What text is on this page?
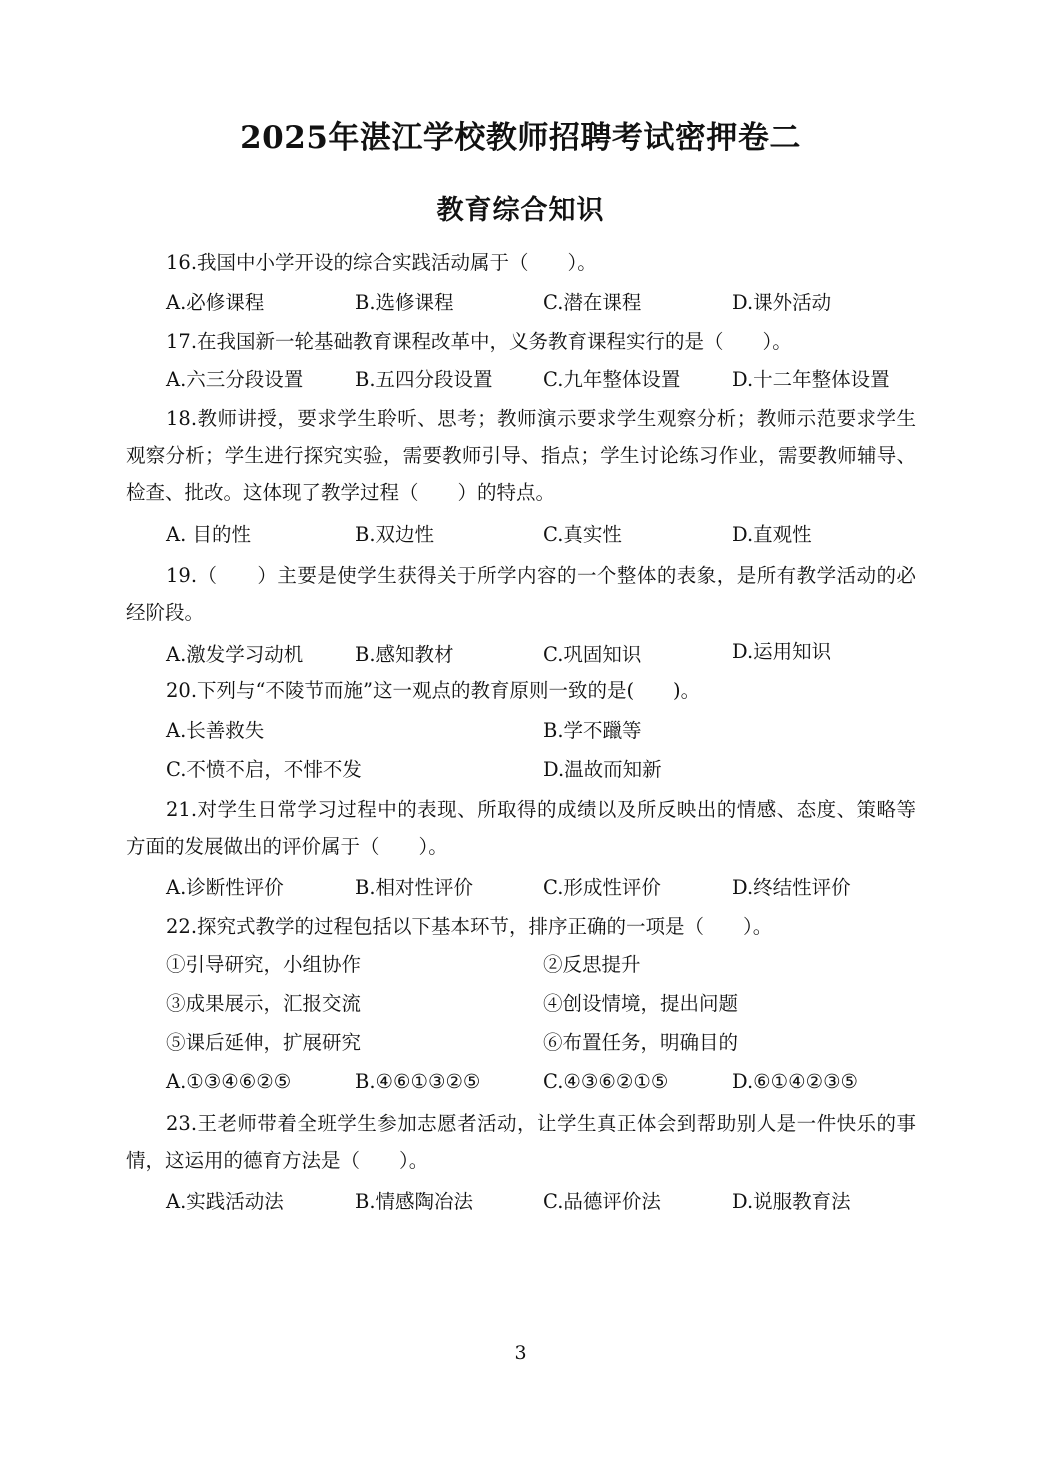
2025年湛江学校教师招聘考试密押卷二
教育综合知识
16.我国中小学开设的综合实践活动属于（　　）。
A.必修课程	B.选修课程	C.潜在课程	D.课外活动
17.在我国新一轮基础教育课程改革中，义务教育课程实行的是（　　）。
A.六三分段设置	B.五四分段设置	C.九年整体设置	D.十二年整体设置
18.教师讲授，要求学生聆听、思考；教师演示要求学生观察分析；教师示范要求学生观察分析；学生进行探究实验，需要教师引导、指点；学生讨论练习作业，需要教师辅导、检查、批改。这体现了教学过程（　　）的特点。
A. 目的性	B.双边性	C.真实性	D.直观性
19.（　　）主要是使学生获得关于所学内容的一个整体的表象，是所有教学活动的必经阶段。
A.激发学习动机	B.感知教材	C.巩固知识	D.运用知识
20.下列与“不陵节而施”这一观点的教育原则一致的是(　　)。
A.长善救失	B.学不躐等
C.不愤不启，不悱不发	D.温故而知新
21.对学生日常学习过程中的表现、所取得的成绩以及所反映出的情感、态度、策略等方面的发展做出的评价属于（　　）。
A.诊断性评价	B.相对性评价	C.形成性评价	D.终结性评价
22.探究式教学的过程包括以下基本环节，排序正确的一项是（　　）。
①引导研究，小组协作	②反思提升
③成果展示，汇报交流	④创设情境，提出问题
⑤课后延伸，扩展研究	⑥布置任务，明确目的
A.①③④⑥②⑤	B.④⑥①③②⑤	C.④③⑥②①⑤	D.⑥①④②③⑤
23.王老师带着全班学生参加志愿者活动，让学生真正体会到帮助别人是一件快乐的事情，这运用的德育方法是（　　）。
A.实践活动法	B.情感陶冶法	C.品德评价法	D.说服教育法
3
